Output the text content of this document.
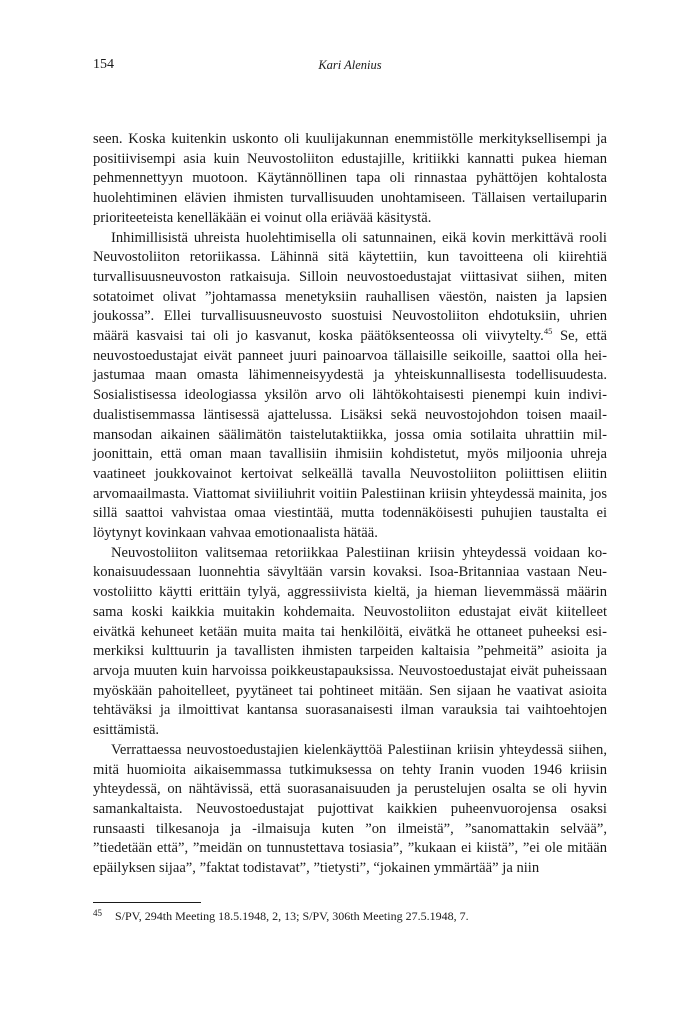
154	Kari Alenius

seen. Koska kuitenkin uskonto oli kuulijakunnan enemmistölle merkityksellisempi ja positiivisempi asia kuin Neuvostoliiton edustajille, kritiikki kannatti pukea hieman pehmennettyyn muotoon. Käytännöllinen tapa oli rinnastaa pyhättöjen kohtalosta huolehtiminen elävien ihmisten turvallisuuden unohtamiseen. Tällaisen vertailuparin prioriteeteista kenelläkään ei voinut olla eriävää käsitystä.

Inhimillisistä uhreista huolehtimisella oli satunnainen, eikä kovin merkittävä rooli Neuvostoliiton retoriikassa. Lähinnä sitä käytettiin, kun tavoitteena oli kiirehtiä turvallisuusneuvoston ratkaisuja. Silloin neuvostoedustajat viittasivat siihen, miten sotatoimet olivat ”johtamassa menetyksiin rauhallisen väestön, naisten ja lapsien joukossa”. Ellei turvallisuusneuvosto suostuisi Neuvostoliiton ehdotuksiin, uhrien määrä kasvaisi tai oli jo kasvanut, koska päätöksenteossa oli viivytelty.$^{45}$ Se, että neuvostoedustajat eivät panneet juuri painoarvoa tällaisille seikoille, saattoi olla heijastumaa maan omasta lähimenneisyydestä ja yhteiskunnallisesta todellisuudesta. Sosialistisessa ideologiassa yksilön arvo oli lähtökohtaisesti pienempi kuin individualistisemmassa läntisessä ajattelussa. Lisäksi sekä neuvostojohdon toisen maailmansodan aikainen säälimätön taistelutaktiikka, jossa omia sotilaita uhrattiin miljoonittain, että oman maan tavallisiin ihmisiin kohdistetut, myös miljoonia uhreja vaatineet joukkovainot kertoivat selkeällä tavalla Neuvostoliiton poliittisen eliitin arvomaailmasta. Viattomat siviiliuhrit voitiin Palestiinan kriisin yhteydessä mainita, jos sillä saattoi vahvistaa omaa viestintää, mutta todennäköisesti puhujien taustalta ei löytynyt kovinkaan vahvaa emotionaalista hätää.

Neuvostoliiton valitsemaa retoriikkaa Palestiinan kriisin yhteydessä voidaan kokonaisuudessaan luonnehtia sävyltään varsin kovaksi. Isoa-Britanniaa vastaan Neuvostoliitto käytti erittäin tylyä, aggressiivista kieltä, ja hieman lievemmässä määrin sama koski kaikkia muitakin kohdemaita. Neuvostoliiton edustajat eivät kiitelleet eivätkä kehuneet ketään muita maita tai henkilöitä, eivätkä he ottaneet puheeksi esimerkiksi kulttuurin ja tavallisten ihmisten tarpeiden kaltaisia ”pehmeitä” asioita ja arvoja muuten kuin harvoissa poikkeustapauksissa. Neuvostoedustajat eivät puheissaan myöskään pahoitelleet, pyytäneet tai pohtineet mitään. Sen sijaan he vaativat asioita tehtäväksi ja ilmoittivat kantansa suorasanaisesti ilman varauksia tai vaihtoehtojen esittämistä.

Verrattaessa neuvostoedustajien kielenkäyttöä Palestiinan kriisin yhteydessä siihen, mitä huomioita aikaisemmassa tutkimuksessa on tehty Iranin vuoden 1946 kriisin yhteydessä, on nähtävissä, että suorasanaisuuden ja perustelujen osalta se oli hyvin samankaltaista. Neuvostoedustajat pujottivat kaikkien puheenvuorojensa osaksi runsaasti tilkesanoja ja -ilmaisuja kuten ”on ilmeistä”, ”sanomattakin selvää”, ”tiedetään että”, ”meidän on tunnustettava tosiasia”, ”kukaan ei kiistä”, ”ei ole mitään epäilyksen sijaa”, ”faktat todistavat”, ”tietysti”, “jokainen ymmärtää” ja niin

45 S/PV, 294th Meeting 18.5.1948, 2, 13; S/PV, 306th Meeting 27.5.1948, 7.
